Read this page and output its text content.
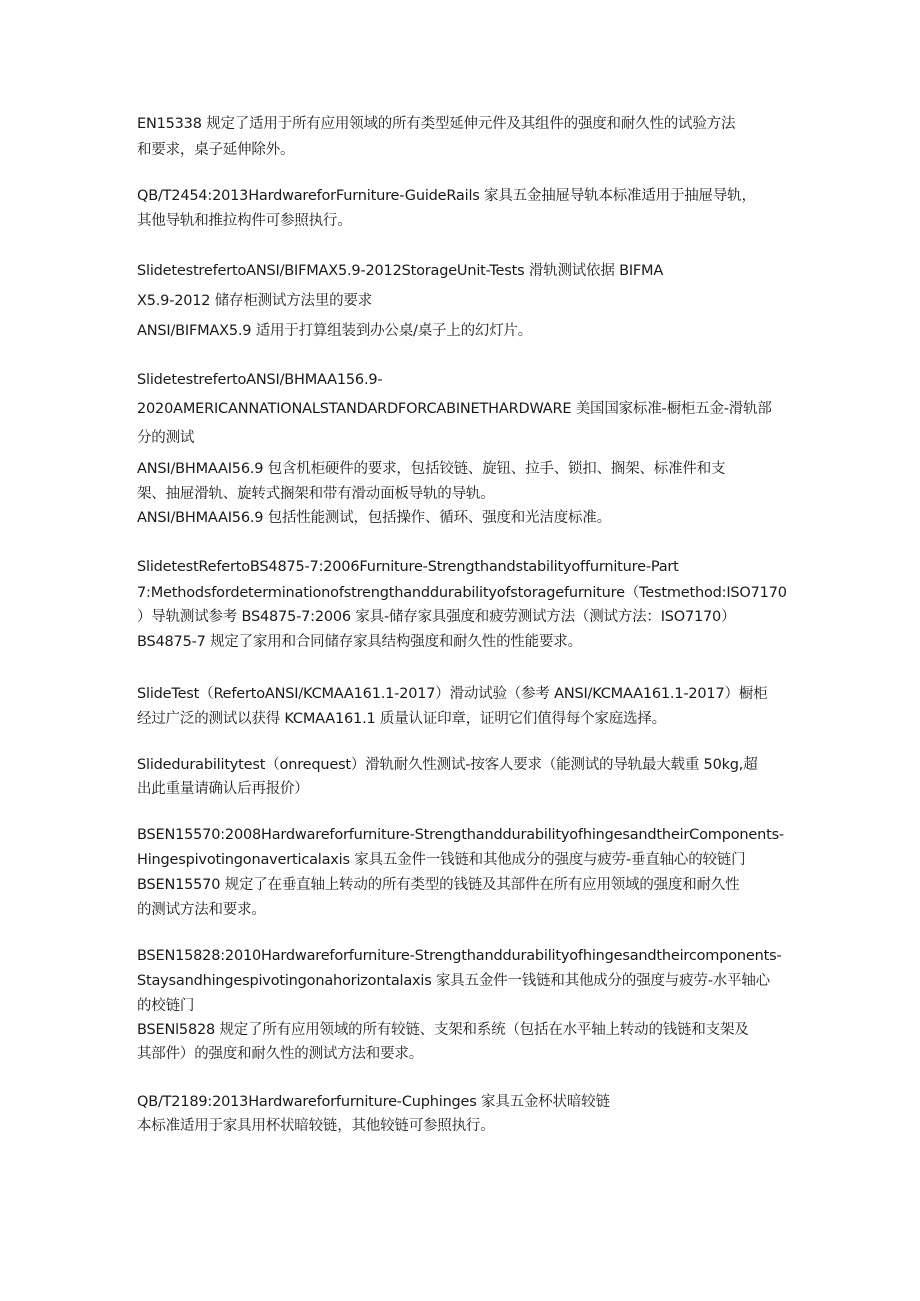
EN15338 规定了适用于所有应用领域的所有类型延伸元件及其组件的强度和耐久性的试验方法
和要求，桌子延伸除外。
QB/T2454:2013HardwareforFurniture-GuideRails 家具五金抽屉导轨本标准适用于抽屉导轨，
其他导轨和推拉构件可参照执行。
SlidetestrefertoANSI/BIFMAX5.9-2012StorageUnit-Tests 滑轨测试依据 BIFMA
X5.9-2012 储存柜测试方法里的要求
ANSI/BIFMAX5.9 适用于打算组装到办公桌/桌子上的幻灯片。
SlidetestrefertoANSI/BHMAA156.9-
2020AMERICANNATIONALSTANDARDFORCABINETHARDWARE 美国国家标准-橱柜五金-滑轨部
分的测试
ANSI/BHMAAI56.9 包含机柜硬件的要求，包括铰链、旋钮、拉手、锁扣、搁架、标准件和支
架、抽屉滑轨、旋转式搁架和带有滑动面板导轨的导轨。
ANSI/BHMAAI56.9 包括性能测试，包括操作、循环、强度和光洁度标准。
SlidetestRefertoBS4875-7:2006Furniture-Strengthandstabilityoffurniture-Part
7:Methodsfordeterminationofstrengthanddurabilityofstoragefurniture（Testmethod:ISO7170
）导轨测试参考 BS4875-7:2006 家具-储存家具强度和疲劳测试方法（测试方法：ISO7170）
BS4875-7 规定了家用和合同储存家具结构强度和耐久性的性能要求。
SlideTest（RefertoANSI/KCMAA161.1-2017）滑动试验（参考 ANSI/KCMAA161.1-2017）橱柜
经过广泛的测试以获得 KCMAA161.1 质量认证印章，证明它们值得每个家庭选择。
Slidedurabilitytest（onrequest）滑轨耐久性测试-按客人要求（能测试的导轨最大载重 50kg,超
出此重量请确认后再报价）
BSEN15570:2008Hardwareforfurniture-StrengthanddurabilityofhingesandtheirComponents-
Hingespivotingonaverticalaxis 家具五金件一钱链和其他成分的强度与疲劳-垂直轴心的较链门
BSEN15570 规定了在垂直轴上转动的所有类型的钱链及其部件在所有应用领域的强度和耐久性
的测试方法和要求。
BSEN15828:2010Hardwareforfurniture-Strengthanddurabilityofhingesandtheircomponents-
Staysandhingespivotingonahorizontalaxis 家具五金件一钱链和其他成分的强度与疲劳-水平轴心
的校链门
BSENl5828 规定了所有应用领域的所有较链、支架和系统（包括在水平轴上转动的钱链和支架及
其部件）的强度和耐久性的测试方法和要求。
QB/T2189:2013Hardwareforfurniture-Cuphinges 家具五金杯状暗较链
本标准适用于家具用杯状暗较链，其他较链可参照执行。
